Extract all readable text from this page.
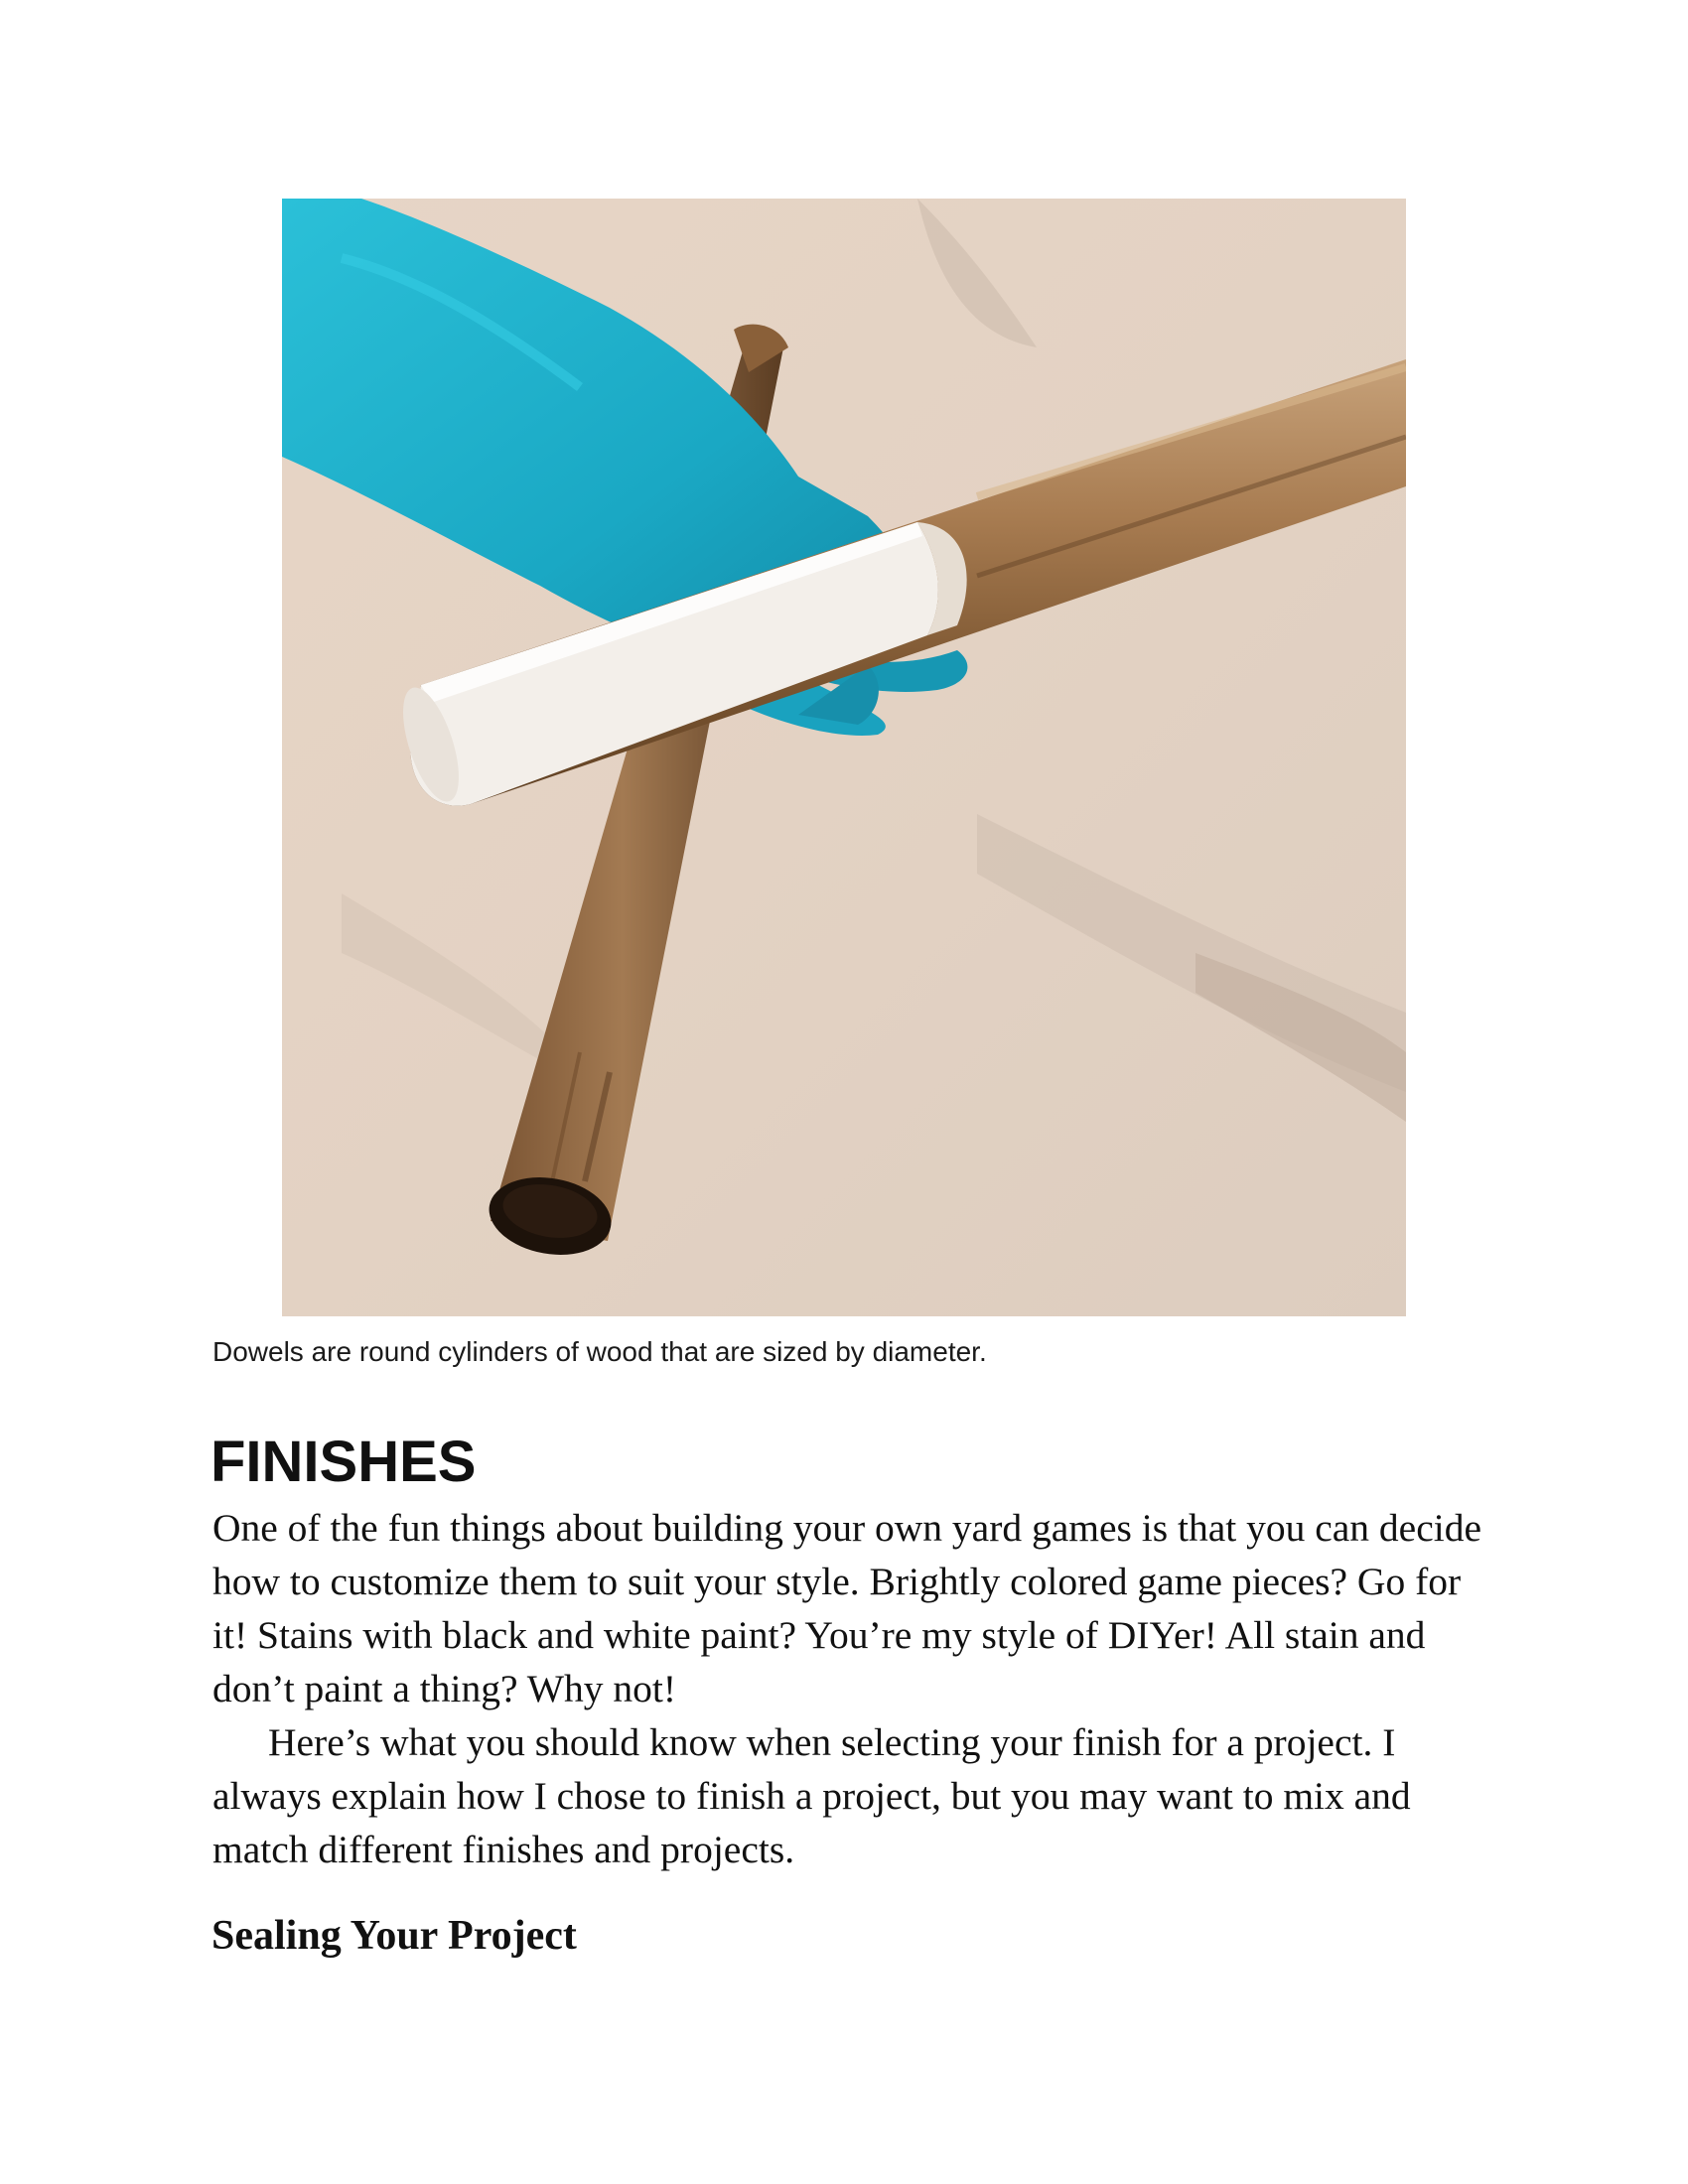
Dowels are round cylinders of wood that are sized by diameter.
FINISHES

One of the fun things about building your own yard games is that you can decide how to customize them to suit your style. Brightly colored game pieces? Go for it! Stains with black and white paint? You’re my style of DIYer! All stain and don’t paint a thing? Why not!

Here’s what you should know when selecting your finish for a project. I always explain how I chose to finish a project, but you may want to mix and match different finishes and projects.

Sealing Your Project
